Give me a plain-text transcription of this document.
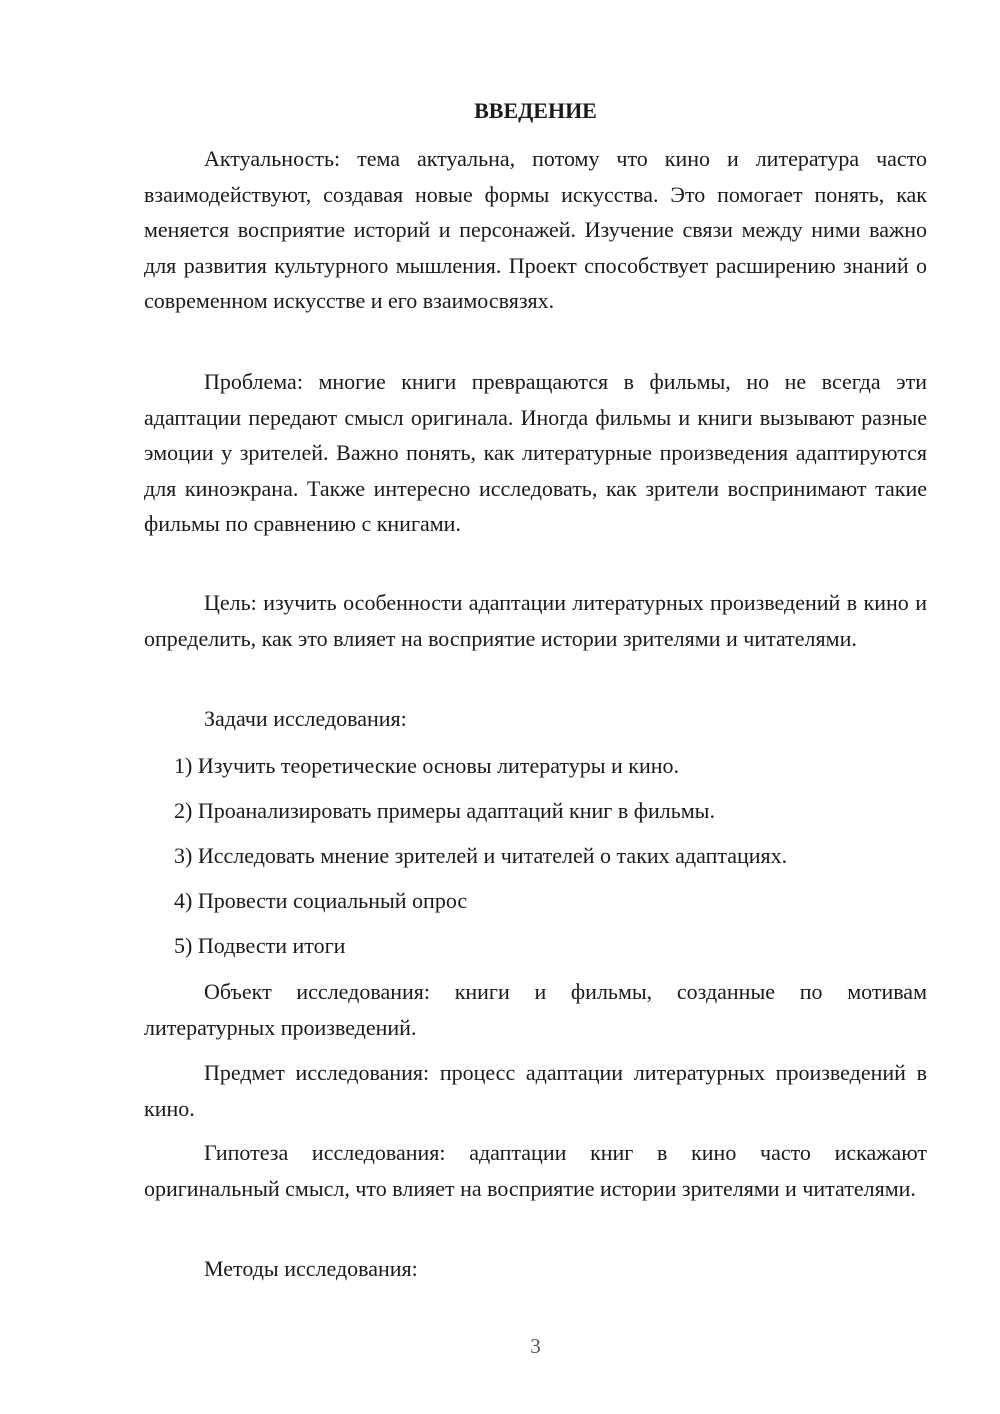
ВВЕДЕНИЕ

Актуальность: тема актуальна, потому что кино и литература часто взаимодействуют, создавая новые формы искусства. Это помогает понять, как меняется восприятие историй и персонажей. Изучение связи между ними важно для развития культурного мышления. Проект способствует расширению знаний о современном искусстве и его взаимосвязях.

Проблема: многие книги превращаются в фильмы, но не всегда эти адаптации передают смысл оригинала. Иногда фильмы и книги вызывают разные эмоции у зрителей. Важно понять, как литературные произведения адаптируются для киноэкрана. Также интересно исследовать, как зрители воспринимают такие фильмы по сравнению с книгами.

Цель: изучить особенности адаптации литературных произведений в кино и определить, как это влияет на восприятие истории зрителями и читателями.

Задачи исследования:

1) Изучить теоретические основы литературы и кино.

2) Проанализировать примеры адаптаций книг в фильмы.

3) Исследовать мнение зрителей и читателей о таких адаптациях.

4) Провести социальный опрос

5) Подвести итоги

Объект исследования: книги и фильмы, созданные по мотивам литературных произведений.

Предмет исследования: процесс адаптации литературных произведений в кино.

Гипотеза исследования: адаптации книг в кино часто искажают оригинальный смысл, что влияет на восприятие истории зрителями и читателями.

Методы исследования:

3
